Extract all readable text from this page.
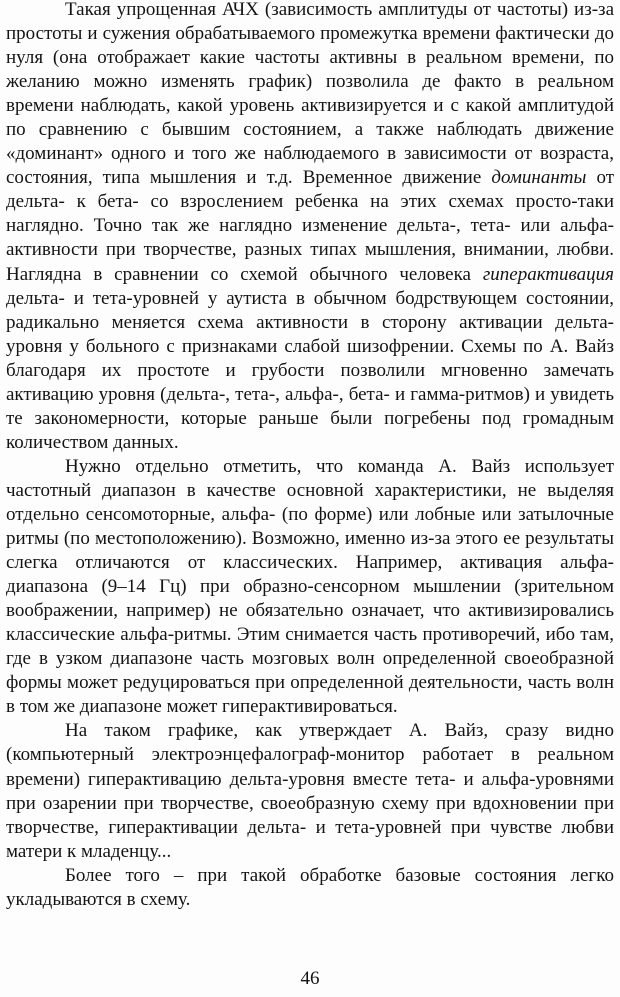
Такая упрощенная АЧХ (зависимость амплитуды от частоты) из-за простоты и сужения обрабатываемого промежутка времени фактически до нуля (она отображает какие частоты активны в реальном времени, по желанию можно изменять график) позволила де факто в реальном времени наблюдать, какой уровень активизируется и с какой амплитудой по сравнению с бывшим состоянием, а также наблюдать движение «доминант» одного и того же наблюдаемого в зависимости от возраста, состояния, типа мышления и т.д. Временное движение доминанты от дельта- к бета- со взрослением ребенка на этих схемах просто-таки наглядно. Точно так же наглядно изменение дельта-, тета- или альфа-активности при творчестве, разных типах мышления, внимании, любви. Наглядна в сравнении со схемой обычного человека гиперактивация дельта- и тета-уровней у аутиста в обычном бодрствующем состоянии, радикально меняется схема активности в сторону активации дельта-уровня у больного с признаками слабой шизофрении. Схемы по А. Вайз благодаря их простоте и грубости позволили мгновенно замечать активацию уровня (дельта-, тета-, альфа-, бета- и гамма-ритмов) и увидеть те закономерности, которые раньше были погребены под громадным количеством данных.

Нужно отдельно отметить, что команда А. Вайз использует частотный диапазон в качестве основной характеристики, не выделяя отдельно сенсомоторные, альфа- (по форме) или лобные или затылочные ритмы (по местоположению). Возможно, именно из-за этого ее результаты слегка отличаются от классических. Например, активация альфа-диапазона (9–14 Гц) при образно-сенсорном мышлении (зрительном воображении, например) не обязательно означает, что активизировались классические альфа-ритмы. Этим снимается часть противоречий, ибо там, где в узком диапазоне часть мозговых волн определенной своеобразной формы может редуцироваться при определенной деятельности, часть волн в том же диапазоне может гиперактивироваться.

На таком графике, как утверждает А. Вайз, сразу видно (компьютерный электроэнцефалограф-монитор работает в реальном времени) гиперактивацию дельта-уровня вместе тета- и альфа-уровнями при озарении при творчестве, своеобразную схему при вдохновении при творчестве, гиперактивации дельта- и тета-уровней при чувстве любви матери к младенцу...

Более того – при такой обработке базовые состояния легко укладываются в схему.

46
